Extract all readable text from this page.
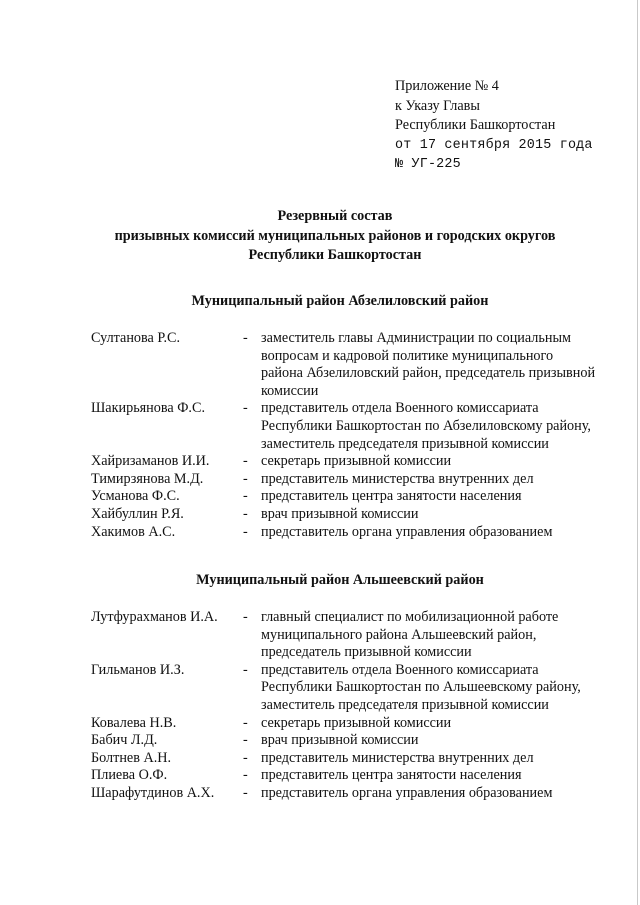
Приложение № 4
к Указу Главы
Республики Башкортостан
от 17 сентября 2015 года
№ УГ-225
Резервный состав
призывных комиссий муниципальных районов и городских округов
Республики Башкортостан
Муниципальный район Абзелиловский район
Султанова Р.С.	- заместитель главы Администрации по социальным вопросам и кадровой политике муниципального района Абзелиловский район, председатель призывной комиссии
Шакирьянова Ф.С.	- представитель отдела Военного комиссариата Республики Башкортостан по Абзелиловскому району, заместитель председателя призывной комиссии
Хайризаманов И.И.	- секретарь призывной комиссии
Тимирзянова М.Д.	- представитель министерства внутренних дел
Усманова Ф.С.	- представитель центра занятости населения
Хайбуллин Р.Я.	- врач призывной комиссии
Хакимов А.С.	- представитель органа управления образованием
Муниципальный район Альшеевский район
Лутфурахманов И.А.	- главный специалист по мобилизационной работе муниципального района Альшеевский район, председатель призывной комиссии
Гильманов И.З.	- представитель отдела Военного комиссариата Республики Башкортостан по Альшеевскому району, заместитель председателя призывной комиссии
Ковалева Н.В.	- секретарь призывной комиссии
Бабич Л.Д.	- врач призывной комиссии
Болтнев А.Н.	- представитель министерства внутренних дел
Плиева О.Ф.	- представитель центра занятости населения
Шарафутдинов А.Х.	- представитель органа управления образованием
